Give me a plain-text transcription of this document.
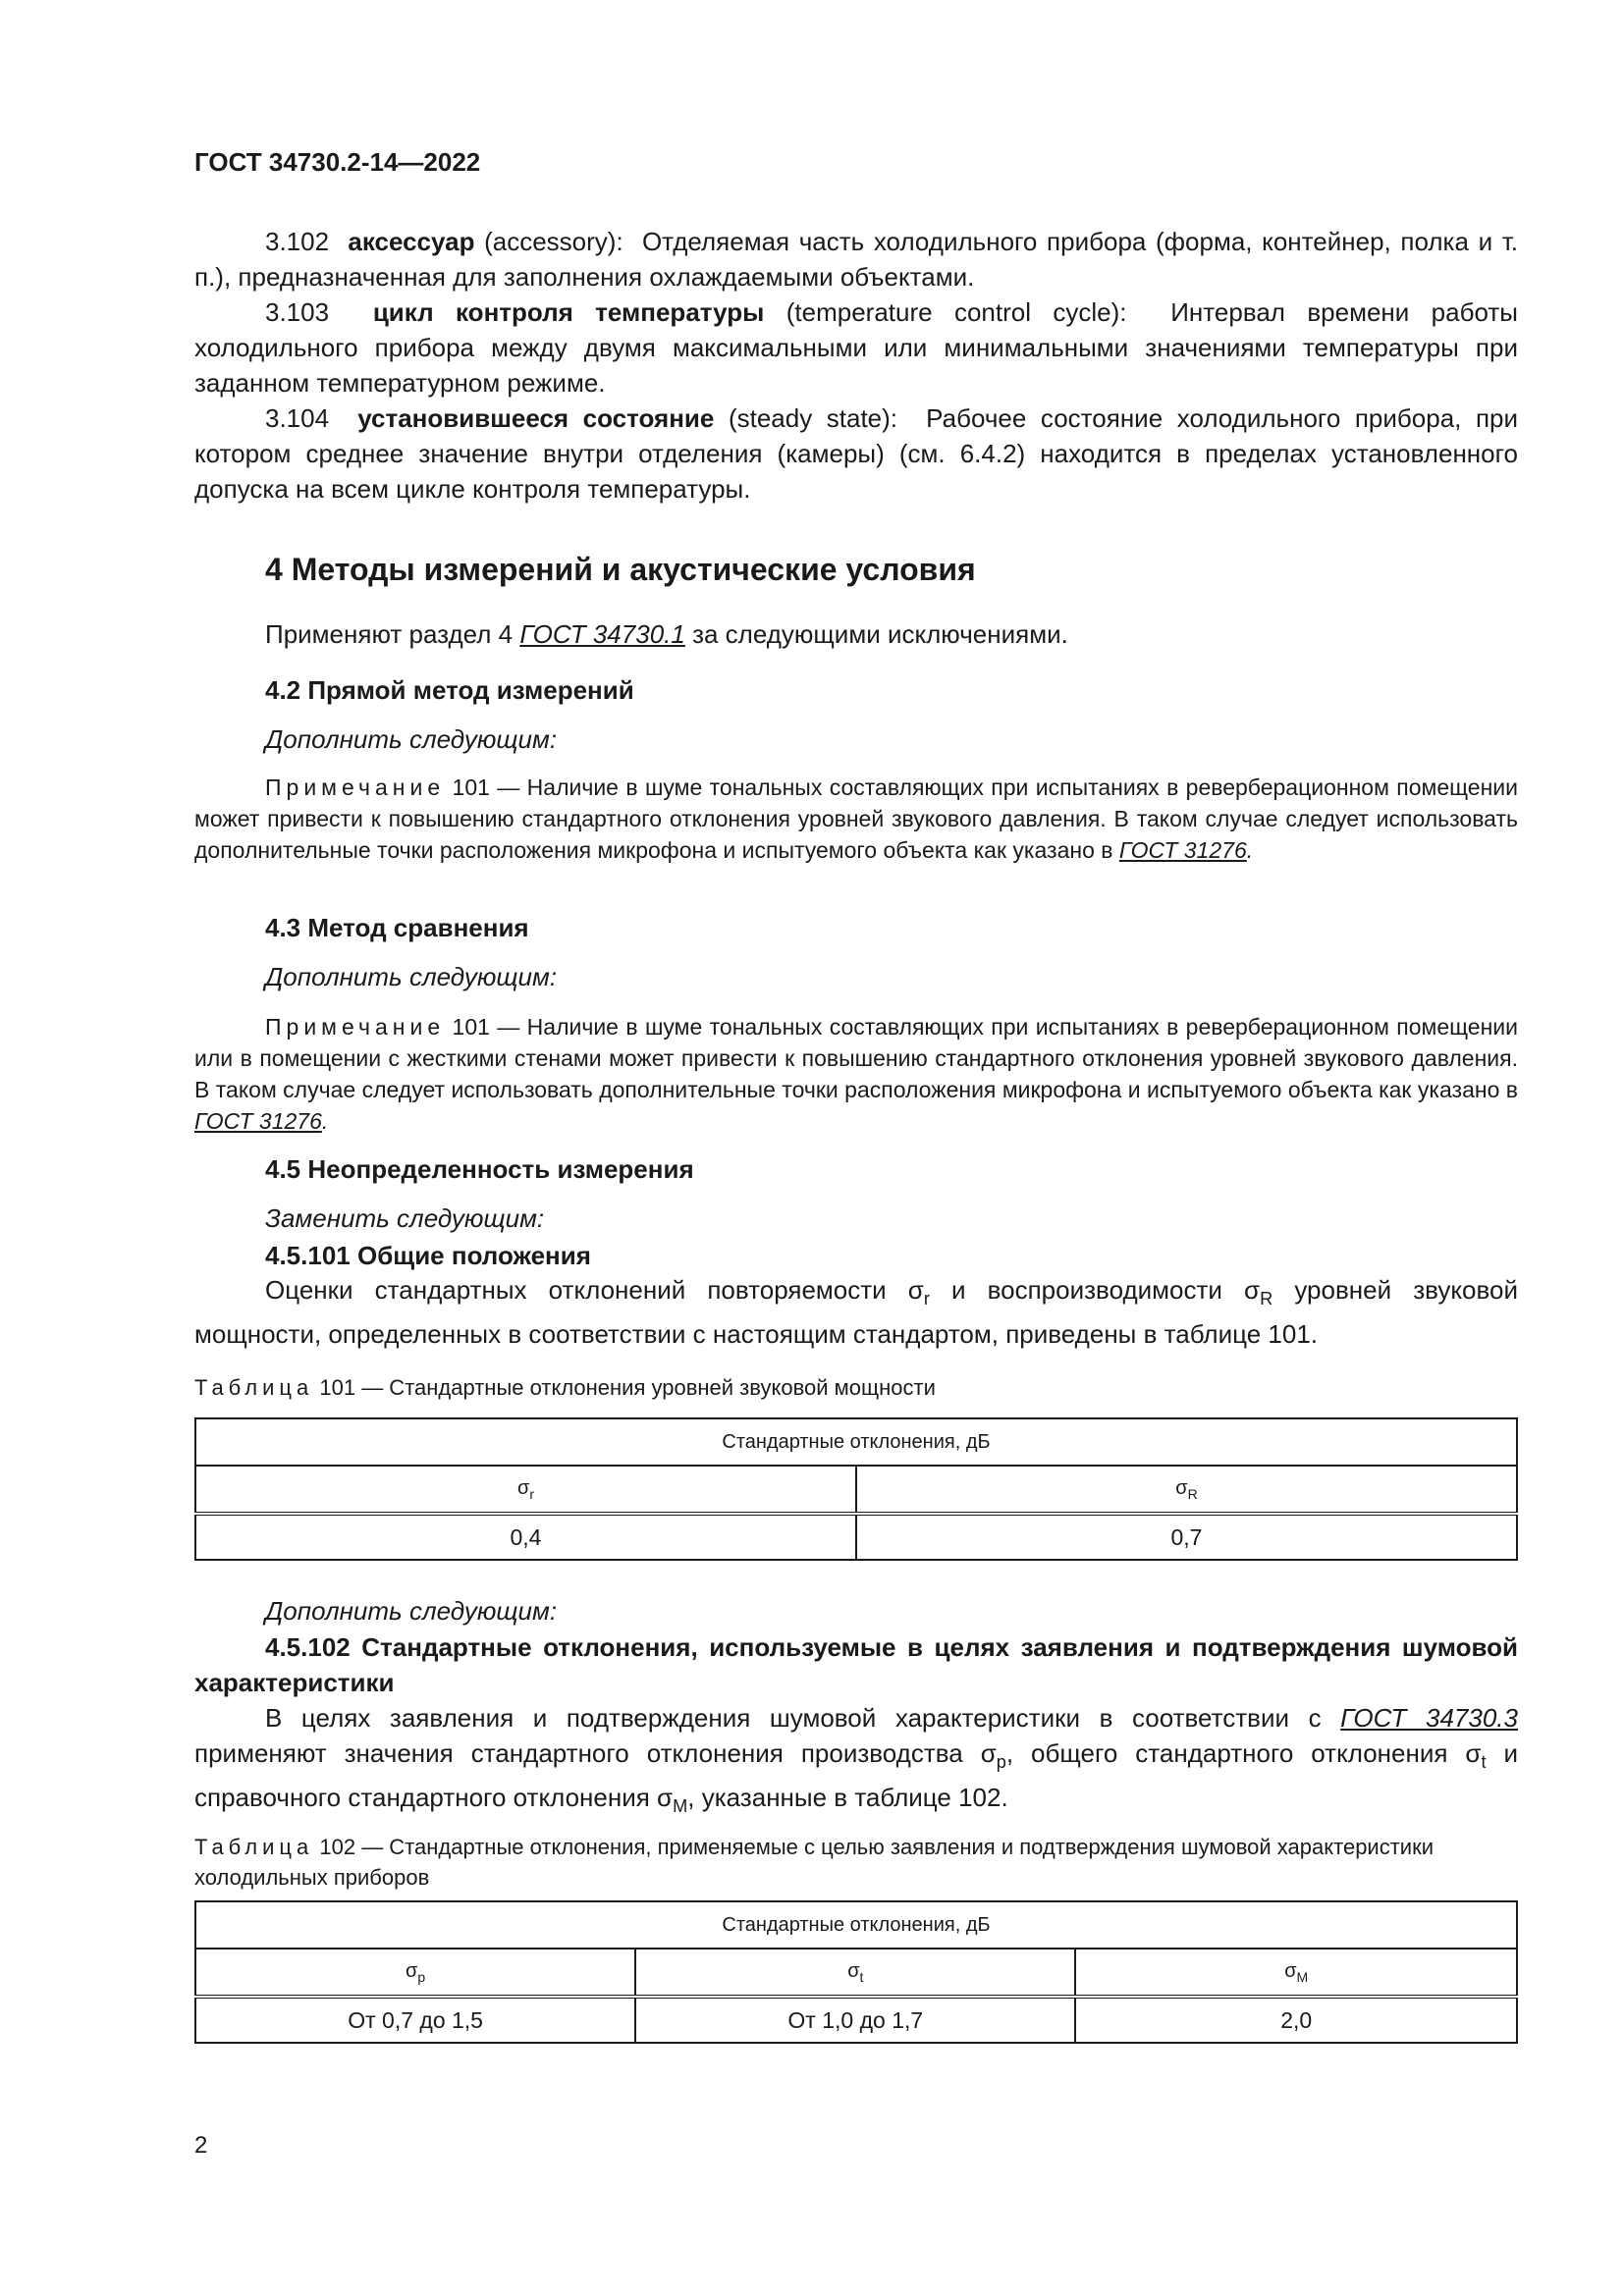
ГОСТ 34730.2-14—2022

3.102 аксессуар (accessory): Отделяемая часть холодильного прибора (форма, контейнер, полка и т. п.), предназначенная для заполнения охлаждаемыми объектами.

3.103 цикл контроля температуры (temperature control cycle): Интервал времени работы холодильного прибора между двумя максимальными или минимальными значениями температуры при заданном температурном режиме.

3.104 установившееся состояние (steady state): Рабочее состояние холодильного прибора, при котором среднее значение внутри отделения (камеры) (см. 6.4.2) находится в пределах установленного допуска на всем цикле контроля температуры.

4 Методы измерений и акустические условия

Применяют раздел 4 ГОСТ 34730.1 за следующими исключениями.

4.2 Прямой метод измерений
Дополнить следующим:

Примечание 101 — Наличие в шуме тональных составляющих при испытаниях в реверберационном помещении может привести к повышению стандартного отклонения уровней звукового давления. В таком случае следует использовать дополнительные точки расположения микрофона и испытуемого объекта как указано в ГОСТ 31276.

4.3 Метод сравнения
Дополнить следующим:

Примечание 101 — Наличие в шуме тональных составляющих при испытаниях в реверберационном помещении или в помещении с жесткими стенами может привести к повышению стандартного отклонения уровней звукового давления. В таком случае следует использовать дополнительные точки расположения микрофона и испытуемого объекта как указано в ГОСТ 31276.

4.5 Неопределенность измерения
Заменить следующим:
4.5.101 Общие положения

Оценки стандартных отклонений повторяемости $\sigma_r$ и воспроизводимости $\sigma_R$ уровней звуковой мощности, определенных в соответствии с настоящим стандартом, приведены в таблице 101.

Таблица 101 — Стандартные отклонения уровней звуковой мощности
Стандартные отклонения, дБ	
$\sigma_r$	$\sigma_R$
0,4	0,7
Дополнить следующим:

4.5.102 Стандартные отклонения, используемые в целях заявления и подтверждения шумовой характеристики

В целях заявления и подтверждения шумовой характеристики в соответствии с ГОСТ 34730.3 применяют значения стандартного отклонения производства $\sigma_p$, общего стандартного отклонения $\sigma_t$ и справочного стандартного отклонения $\sigma_M$, указанные в таблице 102.

Таблица 102 — Стандартные отклонения, применяемые с целью заявления и подтверждения шумовой характеристики холодильных приборов
Стандартные отклонения, дБ		
$\sigma_p$	$\sigma_t$	$\sigma_M$
От 0,7 до 1,5	От 1,0 до 1,7	2,0
2
